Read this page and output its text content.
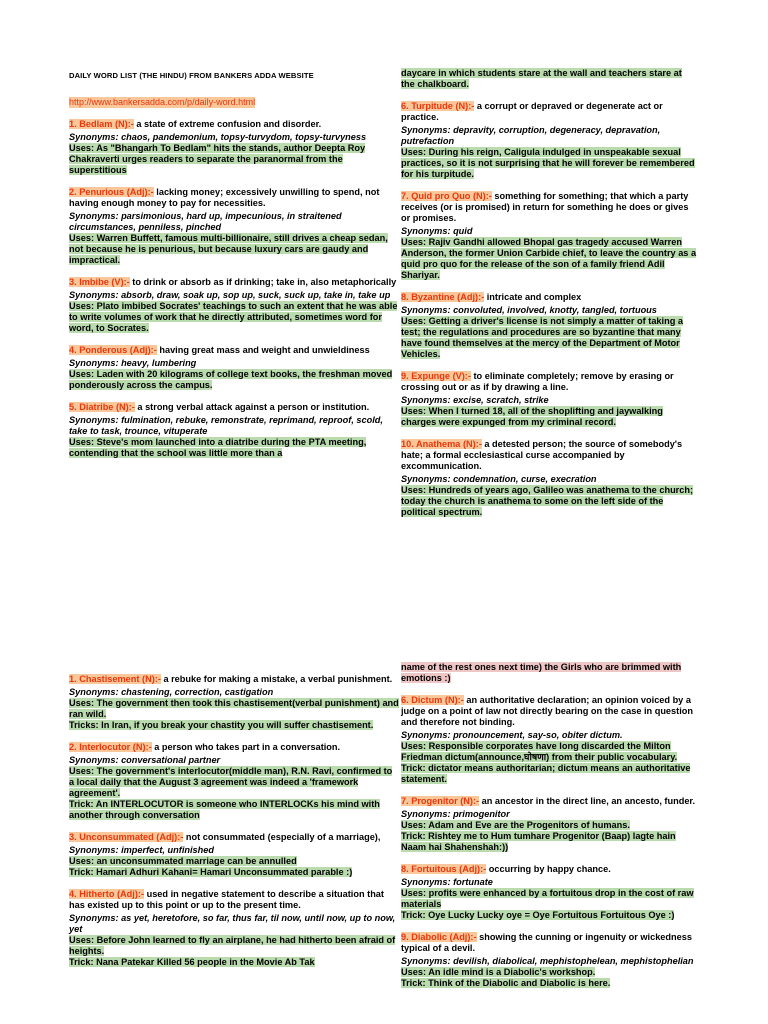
DAILY WORD LIST (THE HINDU) FROM BANKERS ADDA WEBSITE
http://www.bankersadda.com/p/daily-word.html
1. Bedlam (N):- a state of extreme confusion and disorder.
Synonyms: chaos, pandemonium, topsy-turvydom, topsy-turvyness
Uses: As "Bhangarh To Bedlam" hits the stands, author Deepta Roy Chakraverti urges readers to separate the paranormal from the superstitious
2. Penurious (Adj):- lacking money; excessively unwilling to spend, not having enough money to pay for necessities.
Synonyms: parsimonious, hard up, impecunious, in straitened circumstances, penniless, pinched
Uses: Warren Buffett, famous multi-billionaire, still drives a cheap sedan, not because he is penurious, but because luxury cars are gaudy and impractical.
3. Imbibe (V):- to drink or absorb as if drinking; take in, also metaphorically
Synonyms: absorb, draw, soak up, sop up, suck, suck up, take in, take up
Uses: Plato imbibed Socrates' teachings to such an extent that he was able to write volumes of work that he directly attributed, sometimes word for word, to Socrates.
4. Ponderous (Adj):- having great mass and weight and unwieldiness
Synonyms: heavy, lumbering
Uses: Laden with 20 kilograms of college text books, the freshman moved ponderously across the campus.
5. Diatribe (N):- a strong verbal attack against a person or institution.
Synonyms: fulmination, rebuke, remonstrate, reprimand, reproof, scold, take to task, trounce, vituperate
Uses: Steve's mom launched into a diatribe during the PTA meeting, contending that the school was little more than a
daycare in which students stare at the wall and teachers stare at the chalkboard.
6. Turpitude (N):- a corrupt or depraved or degenerate act or practice.
Synonyms: depravity, corruption, degeneracy, depravation, putrefaction
Uses: During his reign, Caligula indulged in unspeakable sexual practices, so it is not surprising that he will forever be remembered for his turpitude.
7. Quid pro Quo (N):- something for something; that which a party receives (or is promised) in return for something he does or gives or promises.
Synonyms: quid
Uses: Rajiv Gandhi allowed Bhopal gas tragedy accused Warren Anderson, the former Union Carbide chief, to leave the country as a quid pro quo for the release of the son of a family friend Adil Shariyar.
8. Byzantine (Adj):- intricate and complex
Synonyms: convoluted, involved, knotty, tangled, tortuous
Uses: Getting a driver's license is not simply a matter of taking a test; the regulations and procedures are so byzantine that many have found themselves at the mercy of the Department of Motor Vehicles.
9. Expunge (V):- to eliminate completely; remove by erasing or crossing out or as if by drawing a line.
Synonyms: excise, scratch, strike
Uses: When I turned 18, all of the shoplifting and jaywalking charges were expunged from my criminal record.
10. Anathema (N):- a detested person; the source of somebody's hate; a formal ecclesiastical curse accompanied by excommunication.
Synonyms: condemnation, curse, execration
Uses: Hundreds of years ago, Galileo was anathema to the church; today the church is anathema to some on the left side of the political spectrum.
1. Chastisement (N):- a rebuke for making a mistake, a verbal punishment.
Synonyms: chastening, correction, castigation
Uses: The government then took this chastisement(verbal punishment) and ran wild.
Tricks: In Iran, if you break your chastity you will suffer chastisement.
2. Interlocutor (N):- a person who takes part in a conversation.
Synonyms: conversational partner
Uses: The government's interlocutor(middle man), R.N. Ravi, confirmed to a local daily that the August 3 agreement was indeed a 'framework agreement'.
Trick: An INTERLOCUTOR is someone who INTERLOCKs his mind with another through conversation
3. Unconsummated (Adj):- not consummated (especially of a marriage),
Synonyms: imperfect, unfinished
Uses: an unconsummated marriage can be annulled
Trick: Hamari Adhuri Kahani= Hamari Unconsummated parable :)
4. Hitherto (Adj):- used in negative statement to describe a situation that has existed up to this point or up to the present time.
Synonyms: as yet, heretofore, so far, thus far, til now, until now, up to now, yet
Uses: Before John learned to fly an airplane, he had hitherto been afraid of heights.
Trick: Nana Patekar Killed 56 people in the Movie Ab Tak
name of the rest ones next time) the Girls who are brimmed with emotions :)
6. Dictum (N):- an authoritative declaration; an opinion voiced by a judge on a point of law not directly bearing on the case in question and therefore not binding.
Synonyms: pronouncement, say-so, obiter dictum.
Uses: Responsible corporates have long discarded the Milton Friedman dictum(announce,घोषणा) from their public vocabulary.
Trick: dictator means authoritarian; dictum means an authoritative statement.
7. Progenitor (N):- an ancestor in the direct line, an ancesto, funder.
Synonyms: primogenitor
Uses: Adam and Eve are the Progenitors of humans.
Trick: Rishtey me to Hum tumhare Progenitor (Baap) lagte hain Naam hai Shahenshah:))
8. Fortuitous (Adj):- occurring by happy chance.
Synonyms: fortunate
Uses: profits were enhanced by a fortuitous drop in the cost of raw materials
Trick: Oye Lucky Lucky oye = Oye Fortuitous Fortuitous Oye :)
9. Diabolic (Adj):- showing the cunning or ingenuity or wickedness typical of a devil.
Synonyms: devilish, diabolical, mephistophelean, mephistophelian
Uses: An idle mind is a Diabolic's workshop.
Trick: Think of the Diabolic and Diabolic is here.
